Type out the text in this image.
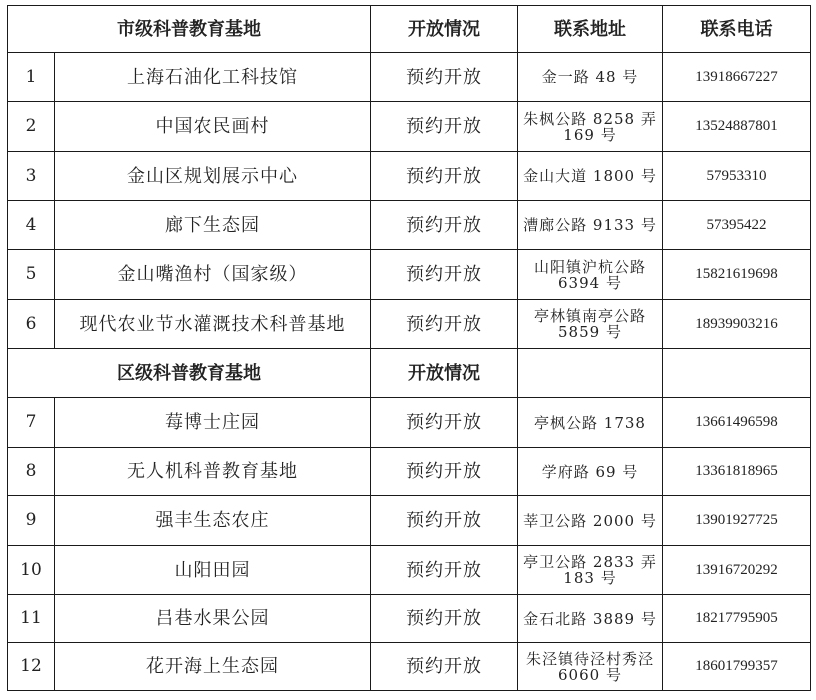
市级科普教育基地		开放情况	联系地址	联系电话
1	上海石油化工科技馆	预约开放	金一路 48 号	13918667227
2	中国农民画村	预约开放	朱枫公路 8258 弄 169 号	13524887801
3	金山区规划展示中心	预约开放	金山大道 1800 号	57953310
4	廊下生态园	预约开放	漕廊公路 9133 号	57395422
5	金山嘴渔村（国家级）	预约开放	山阳镇沪杭公路 6394 号	15821619698
6	现代农业节水灌溉技术科普基地	预约开放	亭林镇南亭公路 5859 号	18939903216
区级科普教育基地		开放情况		
7	莓博士庄园	预约开放	亭枫公路 1738	13661496598
8	无人机科普教育基地	预约开放	学府路 69 号	13361818965
9	强丰生态农庄	预约开放	莘卫公路 2000 号	13901927725
10	山阳田园	预约开放	亭卫公路 2833 弄 183 号	13916720292
11	吕巷水果公园	预约开放	金石北路 3889 号	18217795905
12	花开海上生态园	预约开放	朱泾镇待泾村秀泾 6060 号	18601799357
